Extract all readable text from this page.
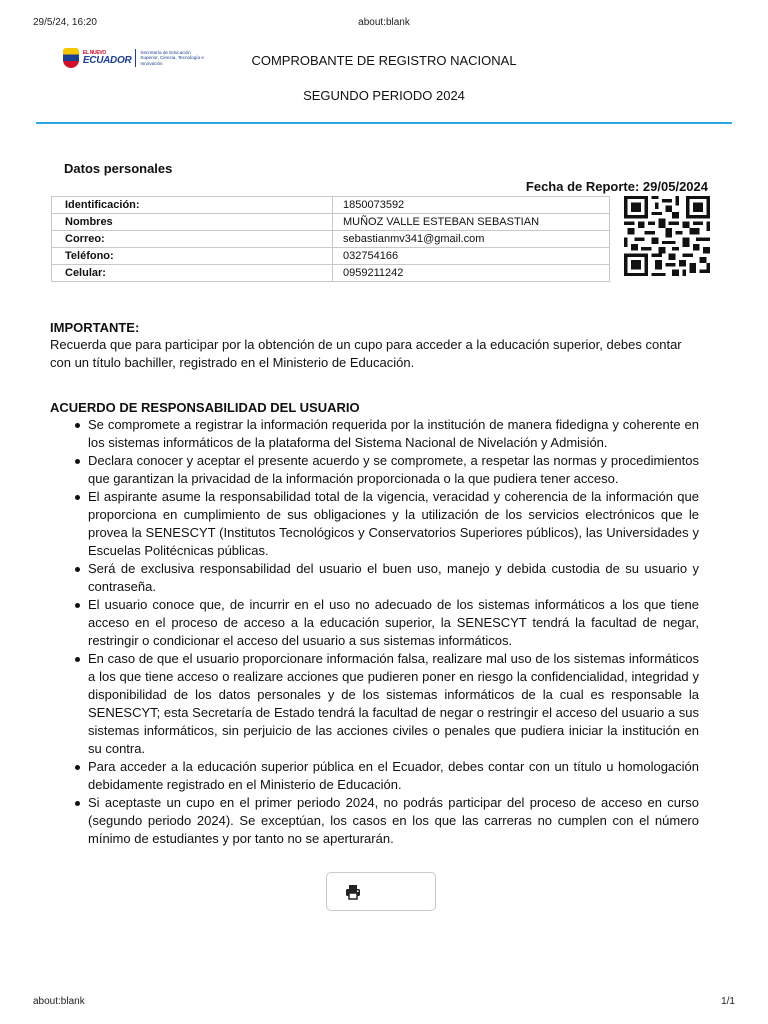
29/5/24, 16:20	about:blank
EL NUEVO
ECUADOR
Secretaría de Educación Superior, Ciencia, Tecnología e Innovación	COMPROBANTE DE REGISTRO NACIONAL
SEGUNDO PERIODO 2024
Datos personales
Fecha de Reporte: 29/05/2024
Identificación:	1850073592
Nombres	MUÑOZ VALLE ESTEBAN SEBASTIAN
Correo:	sebastianmv341@gmail.com
Teléfono:	032754166
Celular:	0959211242
IMPORTANTE:

Recuerda que para participar por la obtención de un cupo para acceder a la educación superior, debes contar con un título bachiller, registrado en el Ministerio de Educación.

ACUERDO DE RESPONSABILIDAD DEL USUARIO
Se compromete a registrar la información requerida por la institución de manera fidedigna y coherente en los sistemas informáticos de la plataforma del Sistema Nacional de Nivelación y Admisión.
Declara conocer y aceptar el presente acuerdo y se compromete, a respetar las normas y procedimientos que garantizan la privacidad de la información proporcionada o la que pudiera tener acceso.
El aspirante asume la responsabilidad total de la vigencia, veracidad y coherencia de la información que proporciona en cumplimiento de sus obligaciones y la utilización de los servicios electrónicos que le provea la SENESCYT (Institutos Tecnológicos y Conservatorios Superiores públicos), las Universidades y Escuelas Politécnicas públicas.
Será de exclusiva responsabilidad del usuario el buen uso, manejo y debida custodia de su usuario y contraseña.
El usuario conoce que, de incurrir en el uso no adecuado de los sistemas informáticos a los que tiene acceso en el proceso de acceso a la educación superior, la SENESCYT tendrá la facultad de negar, restringir o condicionar el acceso del usuario a sus sistemas informáticos.
En caso de que el usuario proporcionare información falsa, realizare mal uso de los sistemas informáticos a los que tiene acceso o realizare acciones que pudieren poner en riesgo la confidencialidad, integridad y disponibilidad de los datos personales y de los sistemas informáticos de la cual es responsable la SENESCYT; esta Secretaría de Estado tendrá la facultad de negar o restringir el acceso del usuario a sus sistemas informáticos, sin perjuicio de las acciones civiles o penales que pudiera iniciar la institución en su contra.
Para acceder a la educación superior pública en el Ecuador, debes contar con un título u homologación debidamente registrado en el Ministerio de Educación.
Si aceptaste un cupo en el primer periodo 2024, no podrás participar del proceso de acceso en curso (segundo periodo 2024). Se exceptúan, los casos en los que las carreras no cumplen con el número mínimo de estudiantes y por tanto no se aperturarán.
about:blank	1/1
